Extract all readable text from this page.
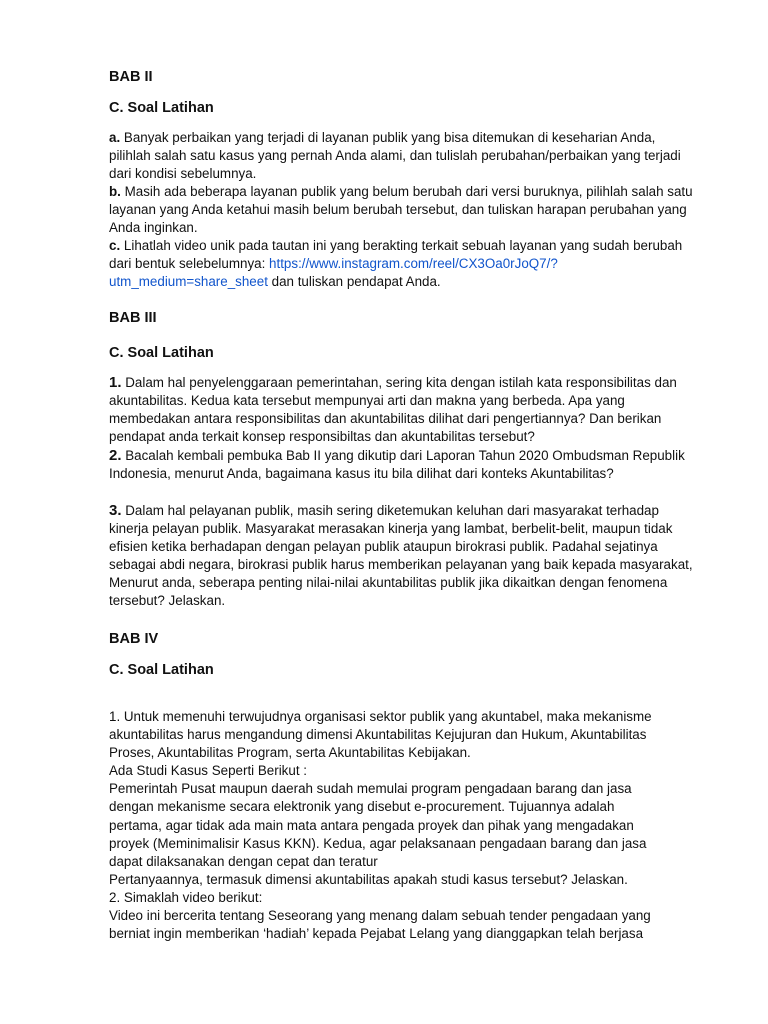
BAB II
C. Soal Latihan

a. Banyak perbaikan yang terjadi di layanan publik yang bisa ditemukan di keseharian Anda, pilihlah salah satu kasus yang pernah Anda alami, dan tulislah perubahan/perbaikan yang terjadi dari kondisi sebelumnya.

b. Masih ada beberapa layanan publik yang belum berubah dari versi buruknya, pilihlah salah satu layanan yang Anda ketahui masih belum berubah tersebut, dan tuliskan harapan perubahan yang Anda inginkan.

c. Lihatlah video unik pada tautan ini yang berakting terkait sebuah layanan yang sudah berubah dari bentuk selebelumnya: https://www.instagram.com/reel/CX3Oa0rJoQ7/?utm_medium=share_sheet dan tuliskan pendapat Anda.

BAB III
C. Soal Latihan

1. Dalam hal penyelenggaraan pemerintahan, sering kita dengan istilah kata responsibilitas dan akuntabilitas. Kedua kata tersebut mempunyai arti dan makna yang berbeda. Apa yang membedakan antara responsibilitas dan akuntabilitas dilihat dari pengertiannya? Dan berikan pendapat anda terkait konsep responsibiltas dan akuntabilitas tersebut?

2. Bacalah kembali pembuka Bab II yang dikutip dari Laporan Tahun 2020 Ombudsman Republik Indonesia, menurut Anda, bagaimana kasus itu bila dilihat dari konteks Akuntabilitas?

3. Dalam hal pelayanan publik, masih sering diketemukan keluhan dari masyarakat terhadap kinerja pelayan publik. Masyarakat merasakan kinerja yang lambat, berbelit-belit, maupun tidak efisien ketika berhadapan dengan pelayan publik ataupun birokrasi publik. Padahal sejatinya sebagai abdi negara, birokrasi publik harus memberikan pelayanan yang baik kepada masyarakat, Menurut anda, seberapa penting nilai-nilai akuntabilitas publik jika dikaitkan dengan fenomena tersebut? Jelaskan.

BAB IV
C. Soal Latihan
1. Untuk memenuhi terwujudnya organisasi sektor publik yang akuntabel, maka mekanisme
akuntabilitas harus mengandung dimensi Akuntabilitas Kejujuran dan Hukum, Akuntabilitas
Proses, Akuntabilitas Program, serta Akuntabilitas Kebijakan.
Ada Studi Kasus Seperti Berikut :
Pemerintah Pusat maupun daerah sudah memulai program pengadaan barang dan jasa
dengan mekanisme secara elektronik yang disebut e-procurement. Tujuannya adalah
pertama, agar tidak ada main mata antara pengada proyek dan pihak yang mengadakan
proyek (Meminimalisir Kasus KKN). Kedua, agar pelaksanaan pengadaan barang dan jasa
dapat dilaksanakan dengan cepat dan teratur
Pertanyaannya, termasuk dimensi akuntabilitas apakah studi kasus tersebut? Jelaskan.
2. Simaklah video berikut:
Video ini bercerita tentang Seseorang yang menang dalam sebuah tender pengadaan yang
berniat ingin memberikan ‘hadiah’ kepada Pejabat Lelang yang dianggapkan telah berjasa
